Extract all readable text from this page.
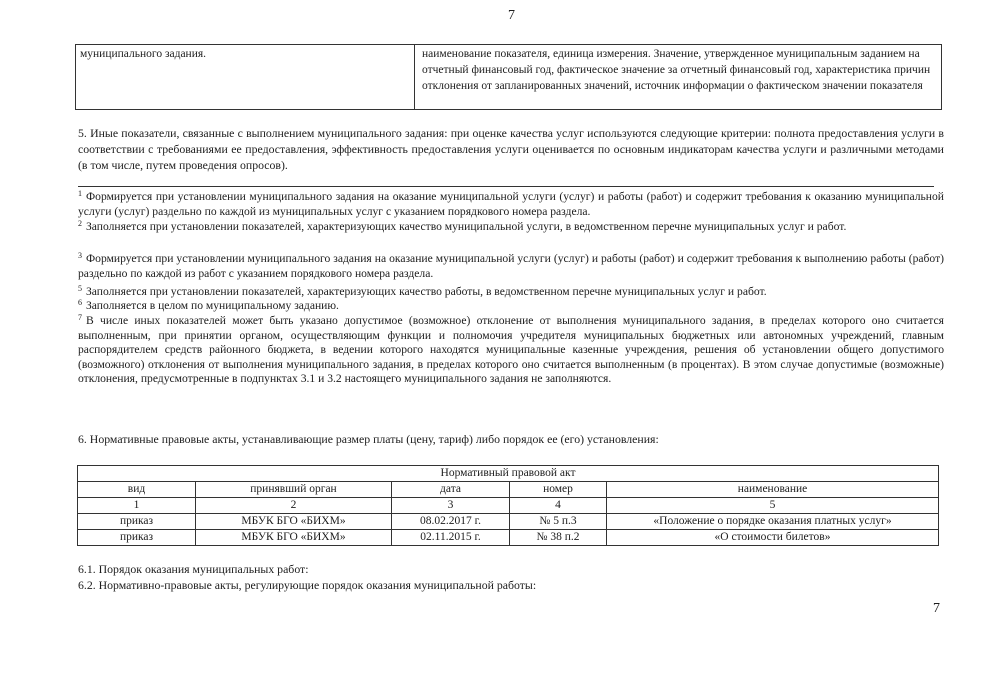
7
муниципального задания.	наименование показателя, единица измерения. Значение, утвержденное муниципальным заданием на отчетный финансовый год, фактическое значение за отчетный финансовый год, характеристика причин отклонения от запланированных значений, источник информации о фактическом значении показателя
5. Иные показатели, связанные с выполнением муниципального задания: при оценке качества услуг используются следующие критерии: полнота предоставления услуги в соответствии с требованиями ее предоставления, эффективность предоставления услуги оценивается по основным индикаторам качества услуги и различными методами (в том числе, путем проведения опросов).
$^1$ Формируется при установлении муниципального задания на оказание муниципальной услуги (услуг) и работы (работ) и содержит требования к оказанию муниципальной услуги (услуг) раздельно по каждой из муниципальных услуг с указанием порядкового номера раздела.
$^2$ Заполняется при установлении показателей, характеризующих качество муниципальной услуги, в ведомственном перечне муниципальных услуг и работ.
$^3$ Формируется при установлении муниципального задания на оказание муниципальной услуги (услуг) и работы (работ) и содержит требования к выполнению работы (работ) раздельно по каждой из работ с указанием порядкового номера раздела.
$^5$ Заполняется при установлении показателей, характеризующих качество работы, в ведомственном перечне муниципальных услуг и работ.
$^6$ Заполняется в целом по муниципальному заданию.
$^7$ В числе иных показателей может быть указано допустимое (возможное) отклонение от выполнения муниципального задания, в пределах которого оно считается выполненным, при принятии органом, осуществляющим функции и полномочия учредителя муниципальных бюджетных или автономных учреждений, главным распорядителем средств районного бюджета, в ведении которого находятся муниципальные казенные учреждения, решения об установлении общего допустимого (возможного) отклонения от выполнения муниципального задания, в пределах которого оно считается выполненным (в процентах). В этом случае допустимые (возможные) отклонения, предусмотренные в подпунктах 3.1 и 3.2 настоящего муниципального задания не заполняются.
6. Нормативные правовые акты, устанавливающие размер платы (цену, тариф) либо порядок ее (его) установления:
Нормативный правовой акт				
вид	принявший орган	дата	номер	наименование
1	2	3	4	5
приказ	МБУК БГО «БИХМ»	08.02.2017 г.	№ 5 п.3	«Положение о порядке оказания платных услуг»
приказ	МБУК БГО «БИХМ»	02.11.2015 г.	№ 38 п.2	«О стоимости билетов»
6.1. Порядок оказания муниципальных работ:
6.2. Нормативно-правовые акты, регулирующие порядок оказания муниципальной работы:
7
